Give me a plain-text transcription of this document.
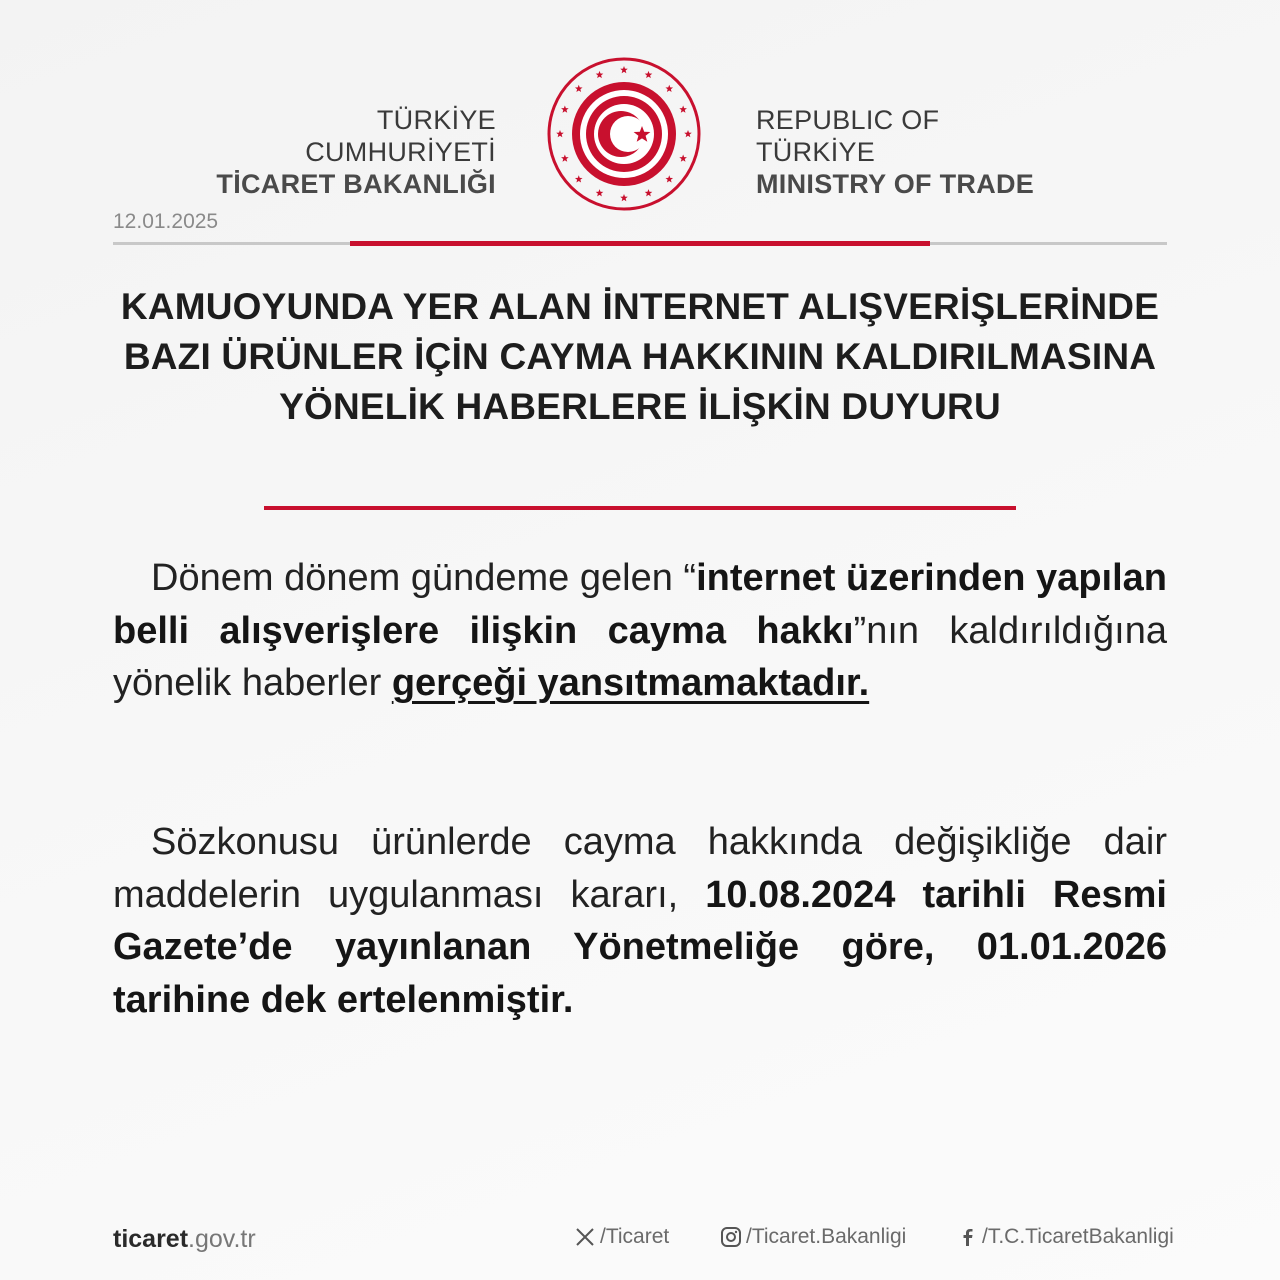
TÜRKİYE CUMHURİYETİ
TİCARET BAKANLIĞI
REPUBLIC OF TÜRKİYE
MINISTRY OF TRADE
12.01.2025
KAMUOYUNDA YER ALAN İNTERNET ALIŞVERİŞLERİNDE BAZI ÜRÜNLER İÇİN CAYMA HAKKININ KALDIRILMASINA YÖNELİK HABERLERE İLİŞKİN DUYURU

Dönem dönem gündeme gelen “internet üzerinden yapılan belli alışverişlere ilişkin cayma hakkı”nın kaldırıldığına yönelik haberler gerçeği yansıtmamaktadır.

Sözkonusu ürünlerde cayma hakkında değişikliğe dair maddelerin uygulanması kararı, 10.08.2024 tarihli Resmi Gazete’de yayınlanan Yönetmeliğe göre, 01.01.2026 tarihine dek ertelenmiştir.

ticaret.gov.tr	/Ticaret	/Ticaret.Bakanligi	/T.C.TicaretBakanligi
